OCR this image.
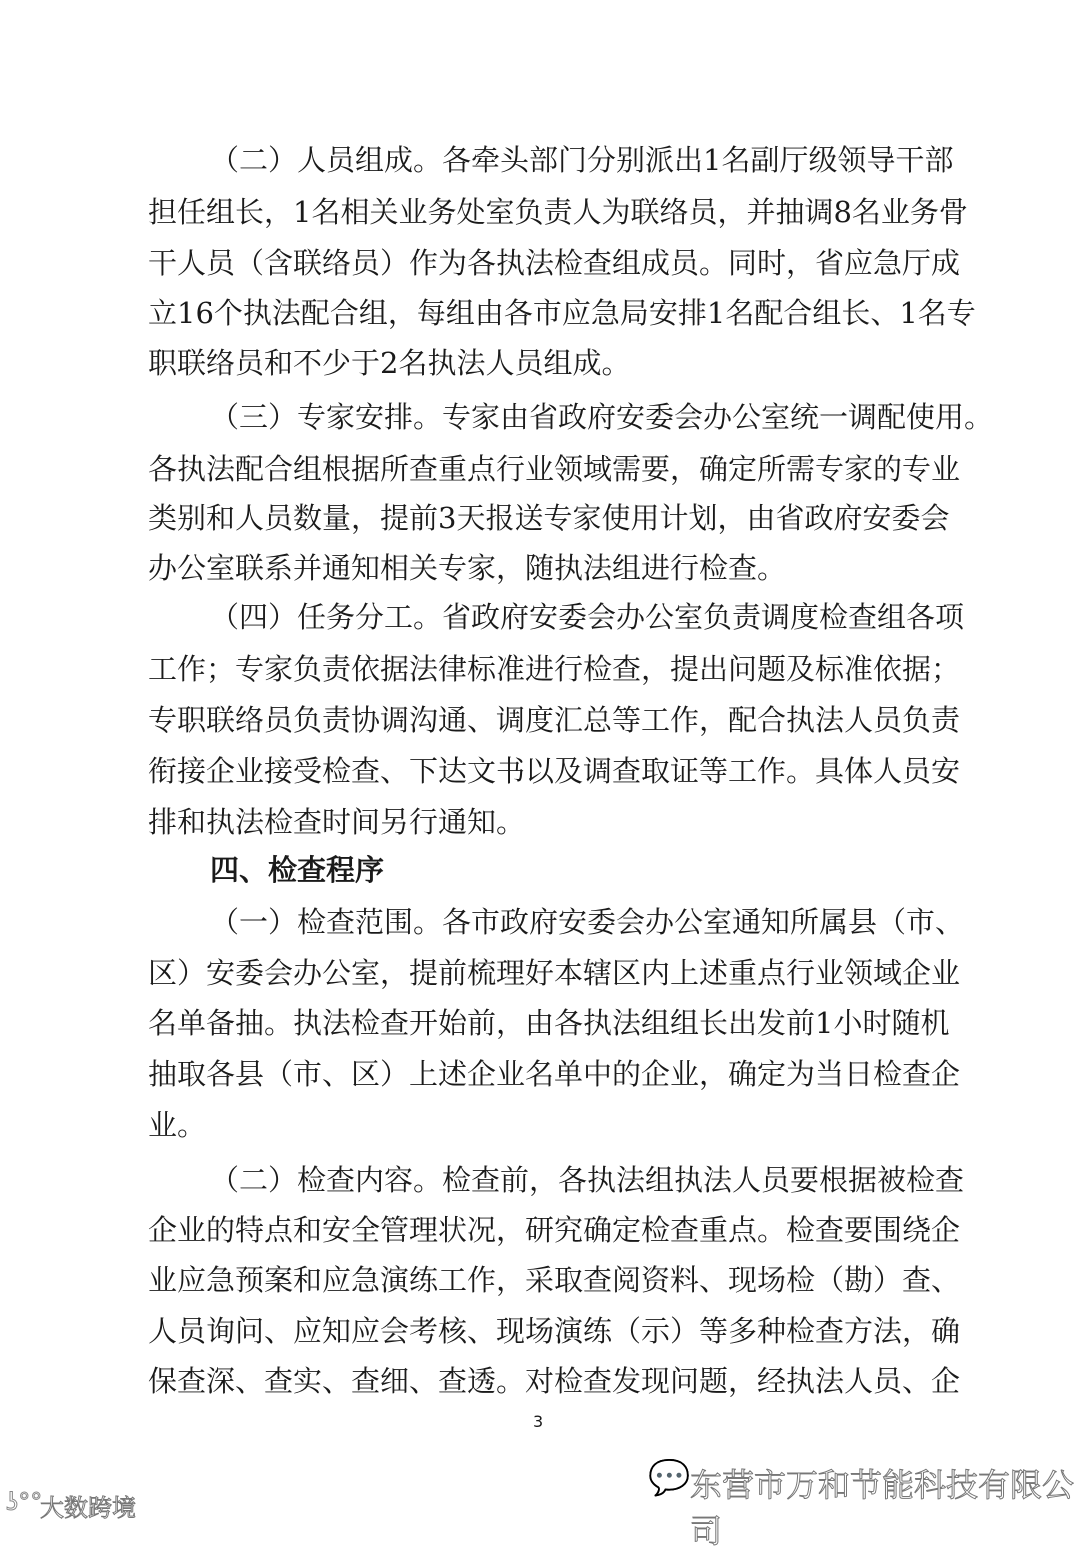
（二）人员组成。各牵头部门分别派出1名副厅级领导干部
担任组长，1名相关业务处室负责人为联络员，并抽调8名业务骨
干人员（含联络员）作为各执法检查组成员。同时，省应急厅成
立16个执法配合组，每组由各市应急局安排1名配合组长、1名专
职联络员和不少于2名执法人员组成。
（三）专家安排。专家由省政府安委会办公室统一调配使用。
各执法配合组根据所查重点行业领域需要，确定所需专家的专业
类别和人员数量，提前3天报送专家使用计划，由省政府安委会
办公室联系并通知相关专家，随执法组进行检查。
（四）任务分工。省政府安委会办公室负责调度检查组各项
工作；专家负责依据法律标准进行检查，提出问题及标准依据；
专职联络员负责协调沟通、调度汇总等工作，配合执法人员负责
衔接企业接受检查、下达文书以及调查取证等工作。具体人员安
排和执法检查时间另行通知。
四、检查程序
（一）检查范围。各市政府安委会办公室通知所属县（市、
区）安委会办公室，提前梳理好本辖区内上述重点行业领域企业
名单备抽。执法检查开始前，由各执法组组长出发前1小时随机
抽取各县（市、区）上述企业名单中的企业，确定为当日检查企
业。
（二）检查内容。检查前，各执法组执法人员要根据被检查
企业的特点和安全管理状况，研究确定检查重点。检查要围绕企
业应急预案和应急演练工作，采取查阅资料、现场检（勘）查、
人员询问、应知应会考核、现场演练（示）等多种检查方法，确
保查深、查实、查细、查透。对检查发现问题，经执法人员、企
3
💬 东营市万和节能科技有限公司
ʖ°°
大数跨境
